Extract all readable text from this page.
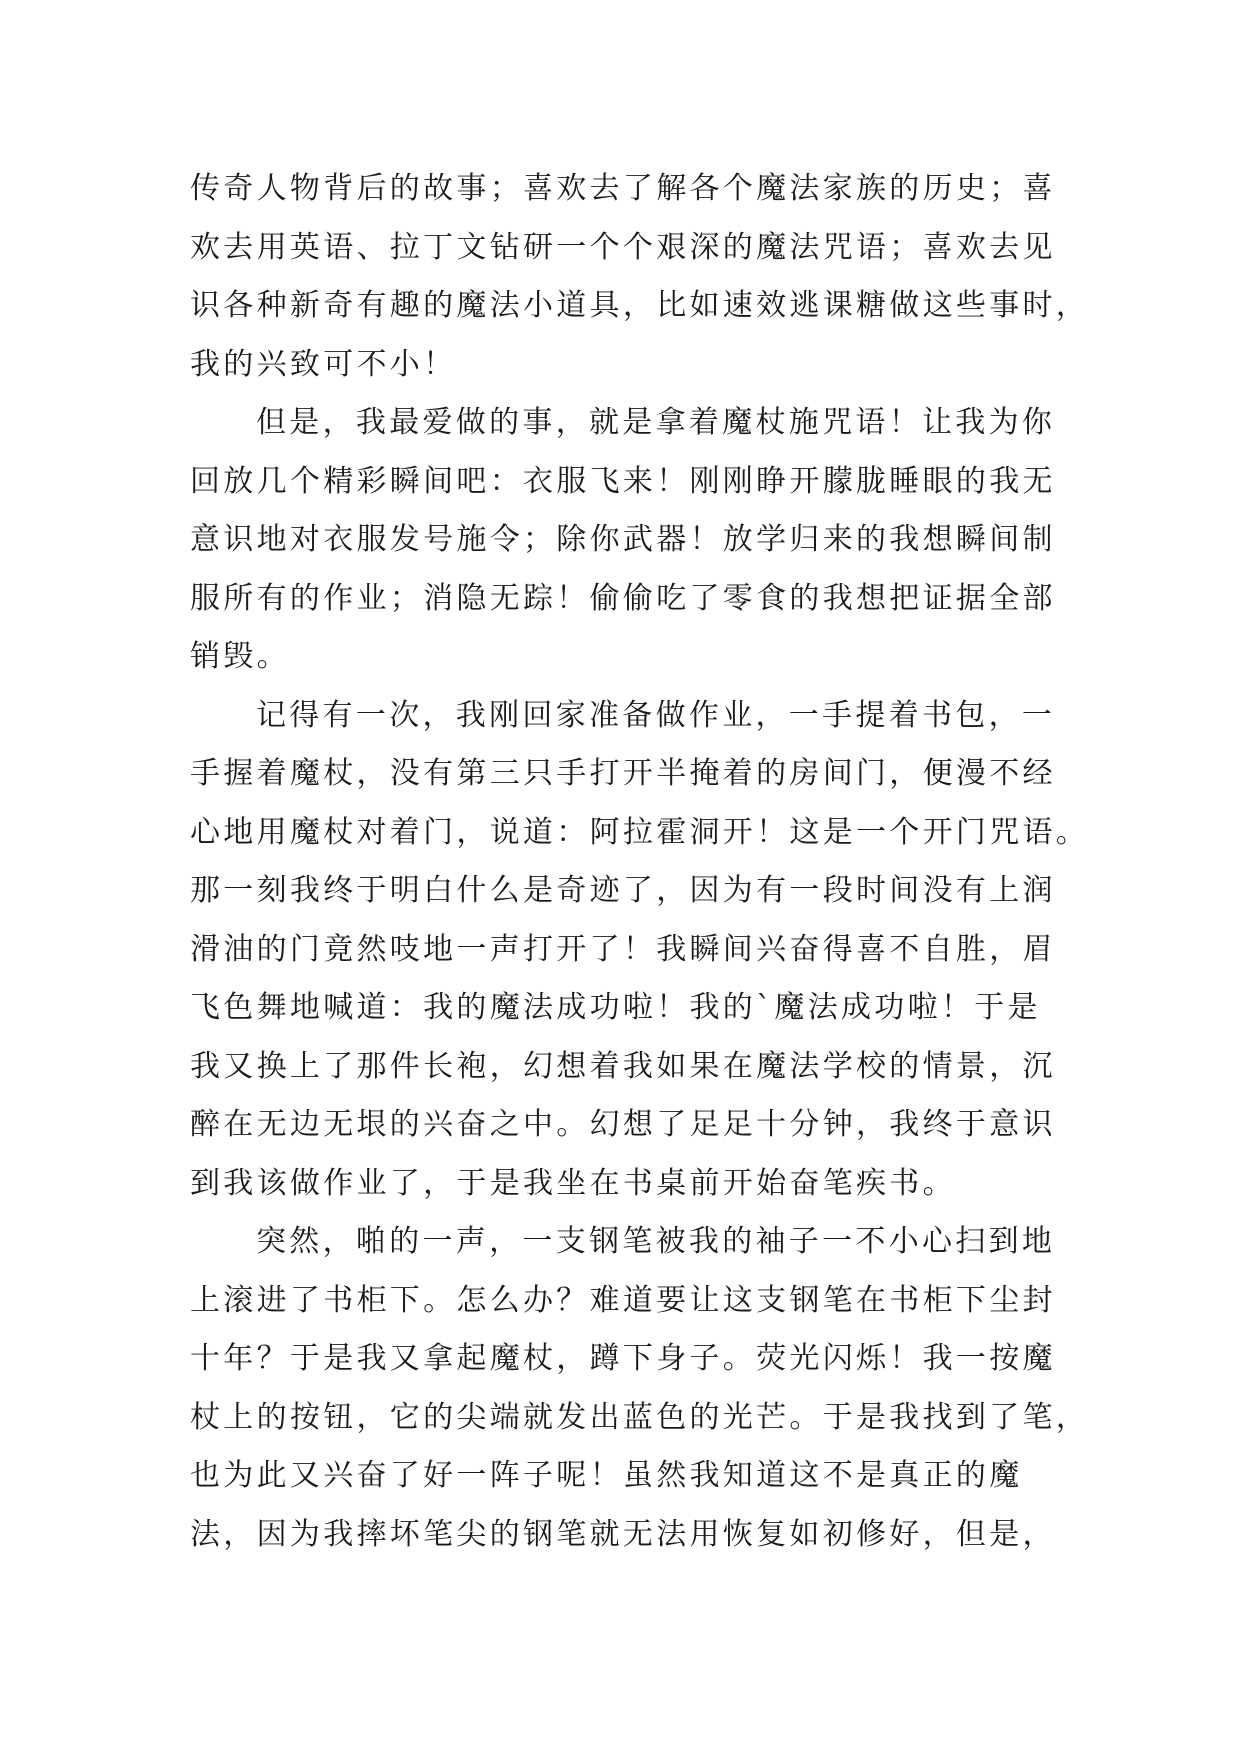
传奇人物背后的故事；喜欢去了解各个魔法家族的历史；喜
欢去用英语、拉丁文钻研一个个艰深的魔法咒语；喜欢去见
识各种新奇有趣的魔法小道具，比如速效逃课糖做这些事时，
我的兴致可不小！
但是，我最爱做的事，就是拿着魔杖施咒语！让我为你
回放几个精彩瞬间吧：衣服飞来！刚刚睁开朦胧睡眼的我无
意识地对衣服发号施令；除你武器！放学归来的我想瞬间制
服所有的作业；消隐无踪！偷偷吃了零食的我想把证据全部
销毁。
记得有一次，我刚回家准备做作业，一手提着书包，一
手握着魔杖，没有第三只手打开半掩着的房间门，便漫不经
心地用魔杖对着门，说道：阿拉霍洞开！这是一个开门咒语。
那一刻我终于明白什么是奇迹了，因为有一段时间没有上润
滑油的门竟然吱地一声打开了！我瞬间兴奋得喜不自胜，眉
飞色舞地喊道：我的魔法成功啦！我的`魔法成功啦！于是
我又换上了那件长袍，幻想着我如果在魔法学校的情景，沉
醉在无边无垠的兴奋之中。幻想了足足十分钟，我终于意识
到我该做作业了，于是我坐在书桌前开始奋笔疾书。
突然，啪的一声，一支钢笔被我的袖子一不小心扫到地
上滚进了书柜下。怎么办？难道要让这支钢笔在书柜下尘封
十年？于是我又拿起魔杖，蹲下身子。荧光闪烁！我一按魔
杖上的按钮，它的尖端就发出蓝色的光芒。于是我找到了笔，
也为此又兴奋了好一阵子呢！虽然我知道这不是真正的魔
法，因为我摔坏笔尖的钢笔就无法用恢复如初修好，但是，
